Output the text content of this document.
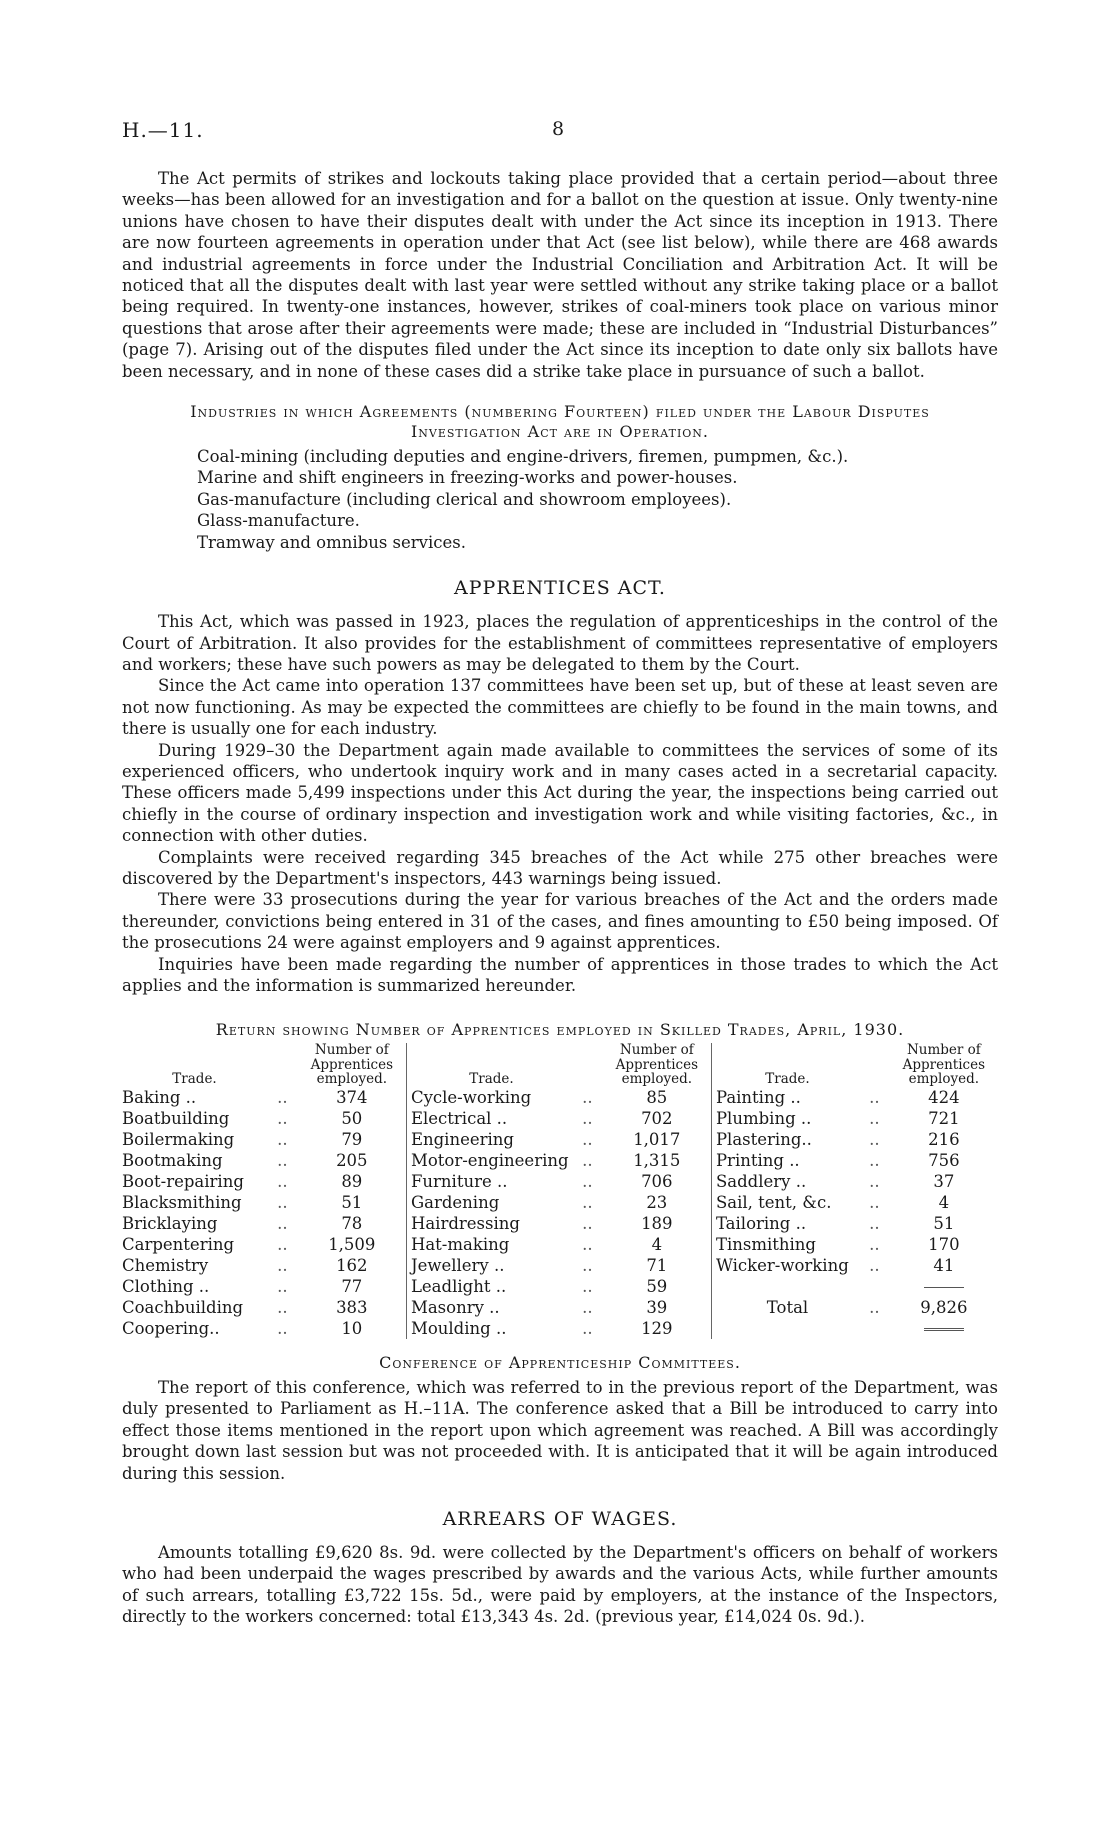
H.—11.	8

The Act permits of strikes and lockouts taking place provided that a certain period—about three weeks—has been allowed for an investigation and for a ballot on the question at issue. Only twenty-nine unions have chosen to have their disputes dealt with under the Act since its inception in 1913. There are now fourteen agreements in operation under that Act (see list below), while there are 468 awards and industrial agreements in force under the Industrial Conciliation and Arbitration Act. It will be noticed that all the disputes dealt with last year were settled without any strike taking place or a ballot being required. In twenty-one instances, however, strikes of coal-miners took place on various minor questions that arose after their agreements were made; these are included in “Industrial Disturbances” (page 7). Arising out of the disputes filed under the Act since its inception to date only six ballots have been necessary, and in none of these cases did a strike take place in pursuance of such a ballot.

Industries in which Agreements (numbering Fourteen) filed under the Labour Disputes
Investigation Act are in Operation.
Coal-mining (including deputies and engine-drivers, firemen, pumpmen, &c.).
Marine and shift engineers in freezing-works and power-houses.
Gas-manufacture (including clerical and showroom employees).
Glass-manufacture.
Tramway and omnibus services.
APPRENTICES ACT.

This Act, which was passed in 1923, places the regulation of apprenticeships in the control of the Court of Arbitration. It also provides for the establishment of committees representative of employers and workers; these have such powers as may be delegated to them by the Court.

Since the Act came into operation 137 committees have been set up, but of these at least seven are not now functioning. As may be expected the committees are chiefly to be found in the main towns, and there is usually one for each industry.

During 1929–30 the Department again made available to committees the services of some of its experienced officers, who undertook inquiry work and in many cases acted in a secretarial capacity. These officers made 5,499 inspections under this Act during the year, the inspections being carried out chiefly in the course of ordinary inspection and investigation work and while visiting factories, &c., in connection with other duties.

Complaints were received regarding 345 breaches of the Act while 275 other breaches were discovered by the Department's inspectors, 443 warnings being issued.

There were 33 prosecutions during the year for various breaches of the Act and the orders made thereunder, convictions being entered in 31 of the cases, and fines amounting to £50 being imposed. Of the prosecutions 24 were against employers and 9 against apprentices.

Inquiries have been made regarding the number of apprentices in those trades to which the Act applies and the information is summarized hereunder.

Return showing Number of Apprentices employed in Skilled Trades, April, 1930.
Trade.		Number of Apprentices employed.	Trade.		Number of Apprentices employed.	Trade.		Number of Apprentices employed.
Baking ..	..	374	Cycle-working	..	85	Painting ..	..	424
Boatbuilding	..	50	Electrical ..	..	702	Plumbing ..	..	721
Boilermaking	..	79	Engineering	..	1,017	Plastering..	..	216
Bootmaking	..	205	Motor-engineering	..	1,315	Printing ..	..	756
Boot-repairing	..	89	Furniture ..	..	706	Saddlery ..	..	37
Blacksmithing	..	51	Gardening	..	23	Sail, tent, &c.	..	4
Bricklaying	..	78	Hairdressing	..	189	Tailoring ..	..	51
Carpentering	..	1,509	Hat-making	..	4	Tinsmithing	..	170
Chemistry	..	162	Jewellery ..	..	71	Wicker-working	..	41
Clothing ..	..	77	Leadlight ..	..	59			
Coachbuilding	..	383	Masonry ..	..	39	Total	..	9,826
Coopering..	..	10	Moulding ..	..	129			
Conference of Apprenticeship Committees.

The report of this conference, which was referred to in the previous report of the Department, was duly presented to Parliament as H.–11A. The conference asked that a Bill be introduced to carry into effect those items mentioned in the report upon which agreement was reached. A Bill was accordingly brought down last session but was not proceeded with. It is anticipated that it will be again introduced during this session.

ARREARS OF WAGES.

Amounts totalling £9,620 8s. 9d. were collected by the Department's officers on behalf of workers who had been underpaid the wages prescribed by awards and the various Acts, while further amounts of such arrears, totalling £3,722 15s. 5d., were paid by employers, at the instance of the Inspectors, directly to the workers concerned: total £13,343 4s. 2d. (previous year, £14,024 0s. 9d.).
